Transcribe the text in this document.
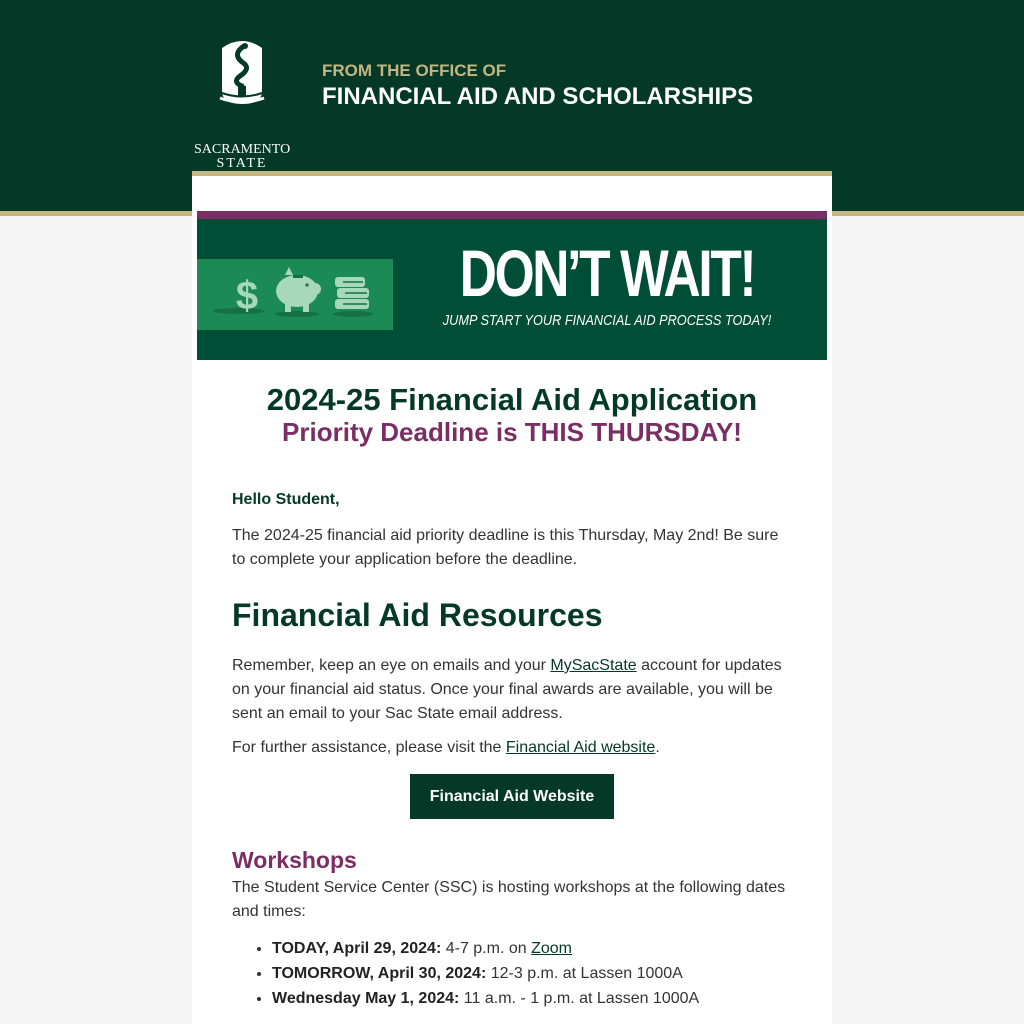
SACRAMENTO
STATE
FROM THE OFFICE OF
FINANCIAL AID AND SCHOLARSHIPS
$	DON’T WAIT!
JUMP START YOUR FINANCIAL AID PROCESS TODAY!
2024-25 Financial Aid Application
Priority Deadline is THIS THURSDAY!
Hello Student,
The 2024-25 financial aid priority deadline is this Thursday, May 2nd! Be sure to complete your application before the deadline.
Financial Aid Resources
Remember, keep an eye on emails and your MySacState account for updates on your financial aid status. Once your final awards are available, you will be sent an email to your Sac State email address.
For further assistance, please visit the Financial Aid website.
Financial Aid Website
Workshops
The Student Service Center (SSC) is hosting workshops at the following dates and times:
• TODAY, April 29, 2024: 4-7 p.m. on Zoom
• TOMORROW, April 30, 2024: 12-3 p.m. at Lassen 1000A
• Wednesday May 1, 2024: 11 a.m. - 1 p.m. at Lassen 1000A
